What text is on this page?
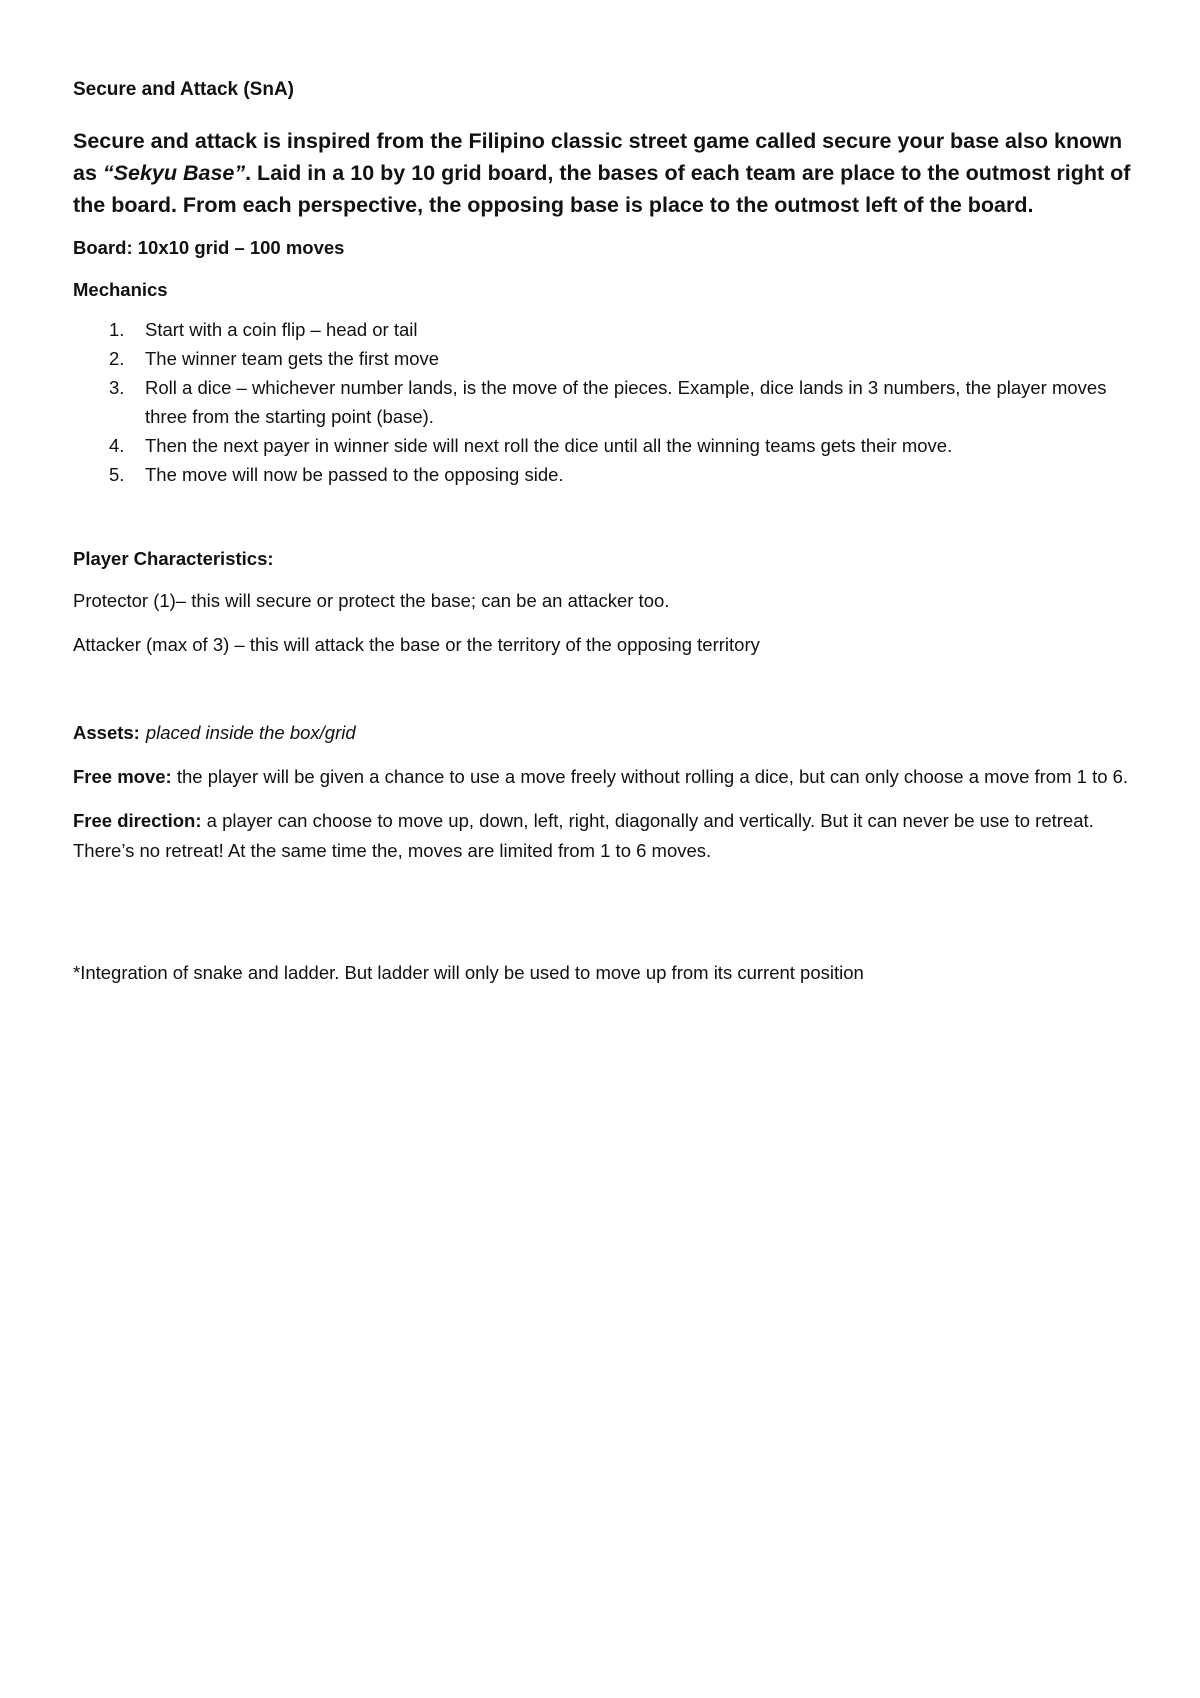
Secure and Attack (SnA)
Secure and attack is inspired from the Filipino classic street game called secure your base also known as “Sekyu Base”. Laid in a 10 by 10 grid board, the bases of each team are place to the outmost right of the board. From each perspective, the opposing base is place to the outmost left of the board.
Board: 10x10 grid – 100 moves
Mechanics
1.	Start with a coin flip – head or tail
2.	The winner team gets the first move
3.	Roll a dice – whichever number lands, is the move of the pieces. Example, dice lands in 3 numbers, the player moves three from the starting point (base).
4.	Then the next payer in winner side will next roll the dice until all the winning teams gets their move.
5.	The move will now be passed to the opposing side.
Player Characteristics:
Protector (1)– this will secure or protect the base; can be an attacker too.
Attacker (max of 3) – this will attack the base or the territory of the opposing territory
Assets: placed inside the box/grid
Free move: the player will be given a chance to use a move freely without rolling a dice, but can only choose a move from 1 to 6.
Free direction: a player can choose to move up, down, left, right, diagonally and vertically. But it can never be use to retreat. There’s no retreat! At the same time the, moves are limited from 1 to 6 moves.
*Integration of snake and ladder. But ladder will only be used to move up from its current position
